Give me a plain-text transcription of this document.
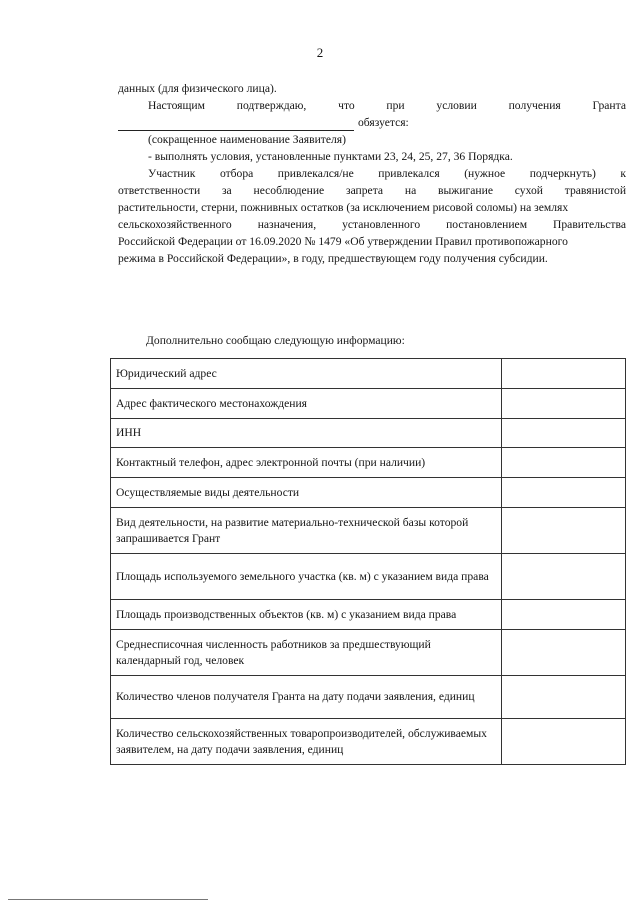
2
данных (для физического лица).
Настоящим	подтверждаю,	что	при	условии	получения	Гранта
обязуется:
(сокращенное наименование Заявителя)
- выполнять условия, установленные пунктами 23, 24, 25, 27, 36 Порядка.
Участник отбора привлекался/не привлекался (нужное подчеркнуть) к
ответственности за несоблюдение запрета на выжигание сухой травянистой
растительности, стерни, пожнивных остатков (за исключением рисовой соломы) на землях
сельскохозяйственного назначения, установленного постановлением Правительства
Российской Федерации от 16.09.2020 № 1479 «Об утверждении Правил противопожарного
режима в Российской Федерации», в году, предшествующем году получения субсидии.
Дополнительно сообщаю следующую информацию:
Юридический адрес	
Адрес фактического местонахождения	
ИНН	
Контактный телефон, адрес электронной почты (при наличии)	
Осуществляемые виды деятельности	
Вид деятельности, на развитие материально-технической базы которой запрашивается Грант	
Площадь используемого земельного участка (кв. м) с указанием вида права	
Площадь производственных объектов (кв. м) с указанием вида права	
Среднесписочная численность работников за предшествующий календарный год, человек	
Количество членов получателя Гранта на дату подачи заявления, единиц	
Количество сельскохозяйственных товаропроизводителей, обслуживаемых заявителем, на дату подачи заявления, единиц	
